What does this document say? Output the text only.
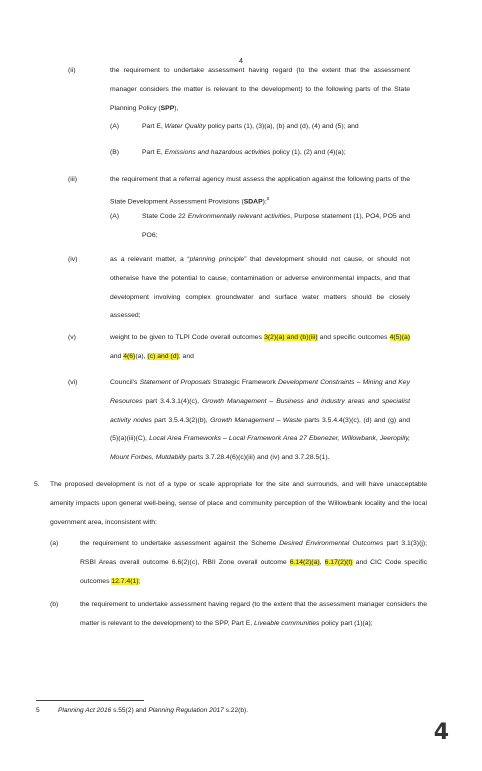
4
(ii)	the requirement to undertake assessment having regard (to the extent that the assessment manager considers the matter is relevant to the development) to the following parts of the State Planning Policy (SPP),
(A)	Part E, Water Quality policy parts (1), (3)(a), (b) and (d), (4) and (5); and
(B)	Part E, Emissions and hazardous activities policy (1), (2) and (4)(a);
(iii)	the requirement that a referral agency must assess the application against the following parts of the State Development Assessment Provisions (SDAP):$^5$
(A)	State Code 22 Environmentally relevant activities, Purpose statement (1), PO4, PO5 and PO6;
(iv)	as a relevant matter, a “planning principle” that development should not cause, or should not otherwise have the potential to cause, contamination or adverse environmental impacts, and that development involving complex groundwater and surface water matters should be closely assessed;
(v)	weight to be given to TLPI Code overall outcomes 3(2)(a) and (b)(iii) and specific outcomes 4(5)(a) and 4(6)(a), (c) and (d); and
(vi)	Council’s Statement of Proposals Strategic Framework Development Constraints – Mining and Key Resources part 3.4.3.1(4)(c), Growth Management – Business and industry areas and specialist activity nodes part 3.5.4.3(2)(b), Growth Management – Waste parts 3.5.4.4(3)(c), (d) and (g) and (5)(a)(iii)(C), Local Area Frameworks – Local Framework Area 27 Ebenezer, Willowbank, Jeeropilly, Mount Forbes, Mutdabilly parts 3.7.28.4(6)(c)(iii) and (iv) and 3.7.28.5(1).
5.	The proposed development is not of a type or scale appropriate for the site and surrounds, and will have unacceptable amenity impacts upon general well-being, sense of place and community perception of the Willowbank locality and the local government area, inconsistent with:
(a)	the requirement to undertake assessment against the Scheme Desired Environmental Outcomes part 3.1(3)(j); RSBI Areas overall outcome 6.6(2)(c), RBII Zone overall outcome 6.14(2)(a), 6.17(2)(t) and CIC Code specific outcomes 12.7.4(1);
(b)	the requirement to undertake assessment having regard (to the extent that the assessment manager considers the matter is relevant to the development) to the SPP, Part E, Liveable communities policy part (1)(a);
5	Planning Act 2016 s.55(2) and Planning Regulation 2017 s.22(b).
4
